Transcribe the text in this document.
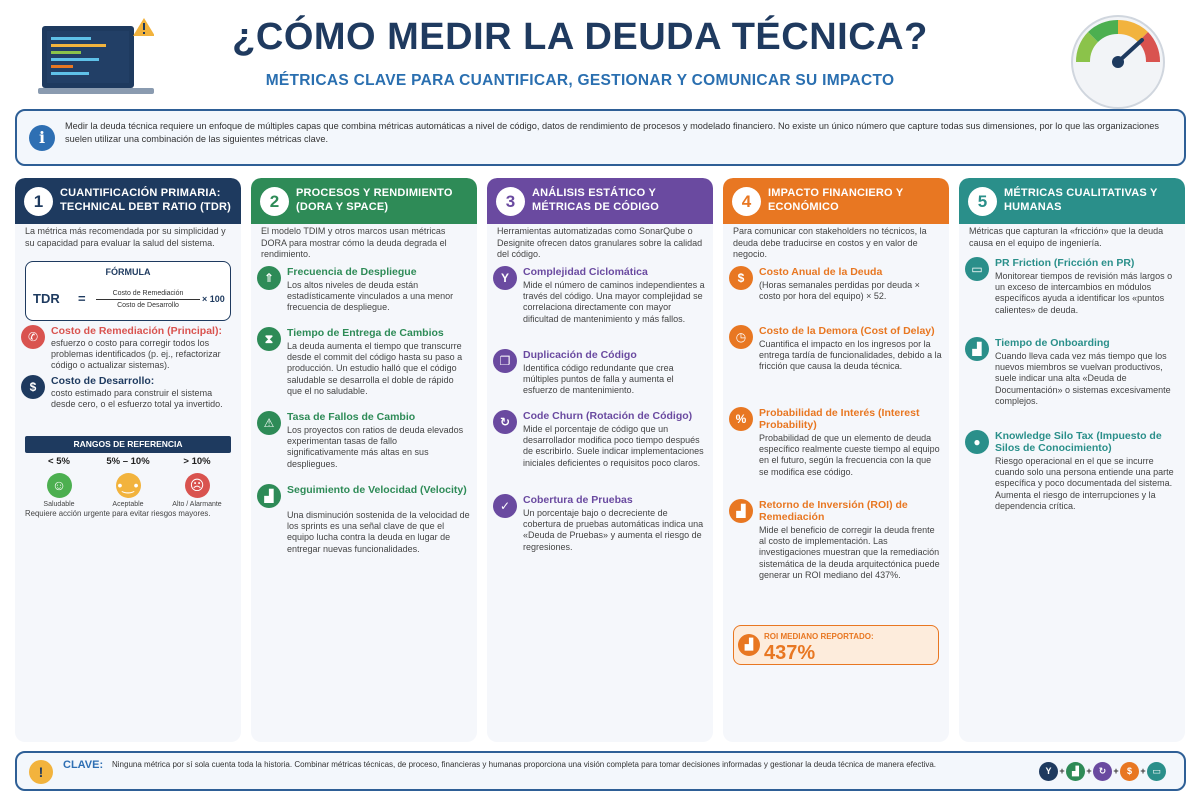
¿CÓMO MEDIR LA DEUDA TÉCNICA?
MÉTRICAS CLAVE PARA CUANTIFICAR, GESTIONAR Y COMUNICAR SU IMPACTO
i
Medir la deuda técnica requiere un enfoque de múltiples capas que combina métricas automáticas a nivel de código, datos de rendimiento de procesos y modelado financiero. No existe un único número que capture todas sus dimensiones, por lo que las organizaciones suelen utilizar una combinación de las siguientes métricas clave.
1	CUANTIFICACIÓN PRIMARIA: TECHNICAL DEBT RATIO (TDR)
La métrica más recomendada por su simplicidad y su capacidad para evaluar la salud del sistema.
FÓRMULA
TDR =	Costo de Remediación
Costo de Desarrollo
× 100
✆	Costo de Remediación (Principal):
esfuerzo o costo para corregir todos los problemas identificados (p. ej., refactorizar código o actualizar sistemas).
$	Costo de Desarrollo:
costo estimado para construir el sistema desde cero, o el esfuerzo total ya invertido.
RANGOS DE REFERENCIA
< 5%
☺
Saludable
5% – 10%
•‿•
Aceptable
> 10%
☹
Alto / Alarmante
Requiere acción urgente para evitar riesgos mayores.
2	PROCESOS Y RENDIMIENTO (DORA Y SPACE)
El modelo TDIM y otros marcos usan métricas DORA para mostrar cómo la deuda degrada el rendimiento.
⇑	Frecuencia de Despliegue
Los altos niveles de deuda están estadísticamente vinculados a una menor frecuencia de despliegue.
⧗	Tiempo de Entrega de Cambios
La deuda aumenta el tiempo que transcurre desde el commit del código hasta su paso a producción. Un estudio halló que el código saludable se desarrolla el doble de rápido que el no saludable.
⚠	Tasa de Fallos de Cambio
Los proyectos con ratios de deuda elevados experimentan tasas de fallo significativamente más altas en sus despliegues.
▟	Seguimiento de Velocidad (Velocity)
Una disminución sostenida de la velocidad de los sprints es una señal clave de que el equipo lucha contra la deuda en lugar de entregar nuevas funcionalidades.
3	ANÁLISIS ESTÁTICO Y MÉTRICAS DE CÓDIGO
Herramientas automatizadas como SonarQube o Designite ofrecen datos granulares sobre la calidad del código.
Y	Complejidad Ciclomática
Mide el número de caminos independientes a través del código. Una mayor complejidad se correlaciona directamente con mayor dificultad de mantenimiento y más fallos.
❐	Duplicación de Código
Identifica código redundante que crea múltiples puntos de falla y aumenta el esfuerzo de mantenimiento.
↻	Code Churn (Rotación de Código)
Mide el porcentaje de código que un desarrollador modifica poco tiempo después de escribirlo. Suele indicar implementaciones iniciales deficientes o requisitos poco claros.
✓	Cobertura de Pruebas
Un porcentaje bajo o decreciente de cobertura de pruebas automáticas indica una «Deuda de Pruebas» y aumenta el riesgo de regresiones.
4	IMPACTO FINANCIERO Y ECONÓMICO
Para comunicar con stakeholders no técnicos, la deuda debe traducirse en costos y en valor de negocio.
$	Costo Anual de la Deuda
(Horas semanales perdidas por deuda × costo por hora del equipo) × 52.
◷	Costo de la Demora (Cost of Delay)
Cuantifica el impacto en los ingresos por la entrega tardía de funcionalidades, debido a la fricción que causa la deuda técnica.
%	Probabilidad de Interés (Interest Probability)
Probabilidad de que un elemento de deuda específico realmente cueste tiempo al equipo en el futuro, según la frecuencia con la que se modifica ese código.
▟	Retorno de Inversión (ROI) de Remediación
Mide el beneficio de corregir la deuda frente al costo de implementación. Las investigaciones muestran que la remediación sistemática de la deuda arquitectónica puede generar un ROI mediano del 437%.
▟
ROI MEDIANO REPORTADO:
437%
5	MÉTRICAS CUALITATIVAS Y HUMANAS
Métricas que capturan la «fricción» que la deuda causa en el equipo de ingeniería.
▭	PR Friction (Fricción en PR)
Monitorear tiempos de revisión más largos o un exceso de intercambios en módulos específicos ayuda a identificar los «puntos calientes» de deuda.
▟	Tiempo de Onboarding
Cuando lleva cada vez más tiempo que los nuevos miembros se vuelvan productivos, suele indicar una alta «Deuda de Documentación» o sistemas excesivamente complejos.
●	Knowledge Silo Tax (Impuesto de Silos de Conocimiento)
Riesgo operacional en el que se incurre cuando solo una persona entiende una parte específica y poco documentada del sistema. Aumenta el riesgo de interrupciones y la dependencia crítica.
!	CLAVE: Ninguna métrica por sí sola cuenta toda la historia. Combinar métricas técnicas, de proceso, financieras y humanas proporciona una visión completa para tomar decisiones informadas y gestionar la deuda técnica de manera efectiva.
Y + ▟ + ↻ + $ + ▭
